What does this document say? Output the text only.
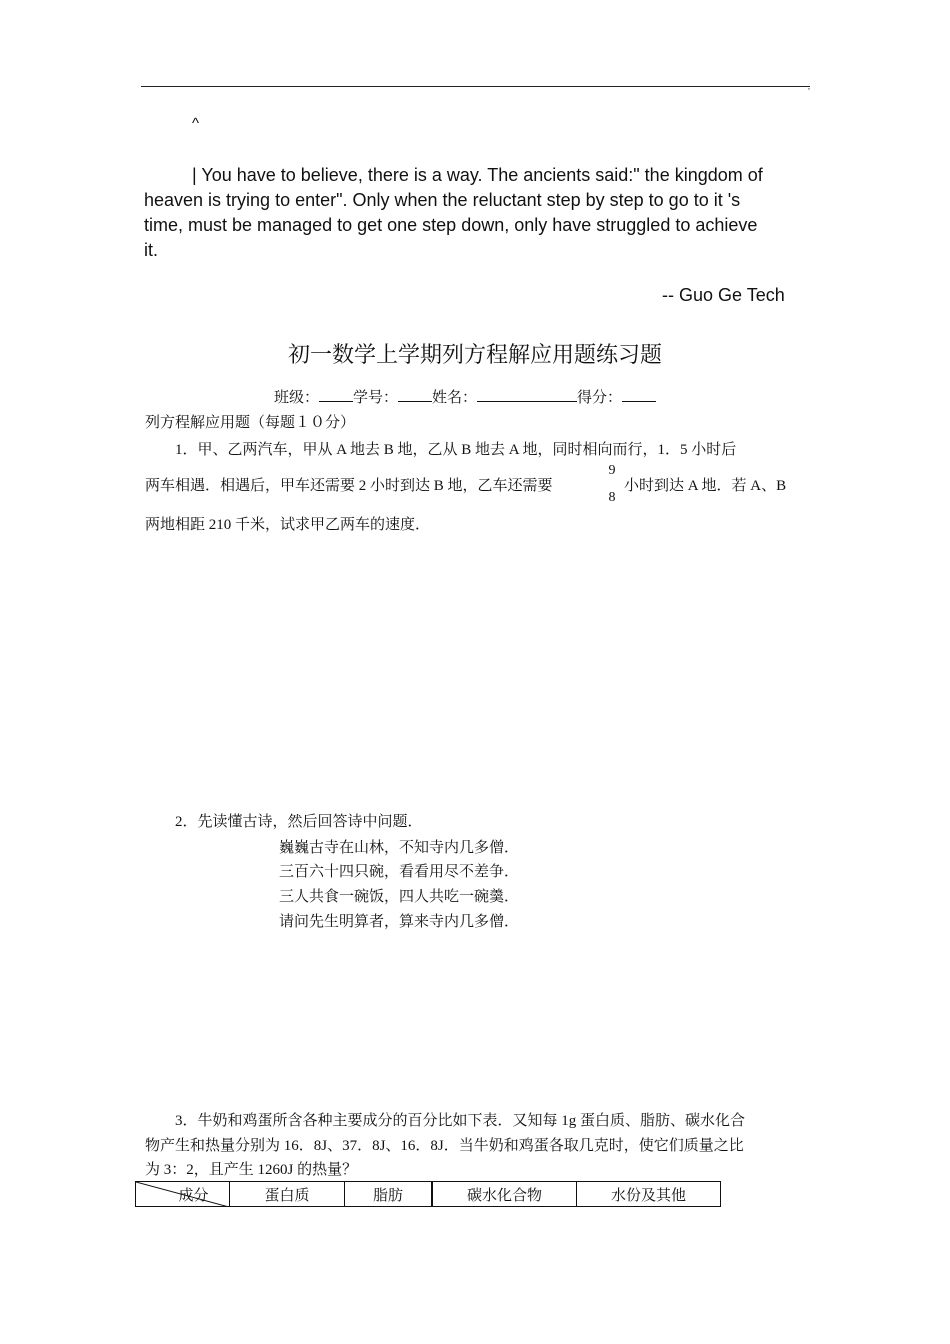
,
^
| You have to believe, there is a way. The ancients said:" the kingdom of
heaven is trying to enter". Only when the reluctant step by step to go to it 's
time, must be managed to get one step down, only have struggled to achieve
it.
-- Guo Ge Tech
初一数学上学期列方程解应用题练习题
班级： 学号： 姓名：	得分：
列方程解应用题（每题１０分）
1．甲、乙两汽车，甲从 A 地去 B 地，乙从 B 地去 A 地，同时相向而行，1．5 小时后
两车相遇．相遇后，甲车还需要 2 小时到达 B 地，乙车还需要
9
8
小时到达 A 地．若 A、B
两地相距 210 千米，试求甲乙两车的速度．
2．先读懂古诗，然后回答诗中问题．
巍巍古寺在山林，不知寺内几多僧．
三百六十四只碗，看看用尽不差争．
三人共食一碗饭，四人共吃一碗羹．
请问先生明算者，算来寺内几多僧．
3．牛奶和鸡蛋所含各种主要成分的百分比如下表．又知每 1g 蛋白质、脂肪、碳水化合
物产生和热量分别为 16．8J、37．8J、16．8J．当牛奶和鸡蛋各取几克时，使它们质量之比
为 3：2，且产生 1260J 的热量？
成分	蛋白质	脂肪	碳水化合物	水份及其他
